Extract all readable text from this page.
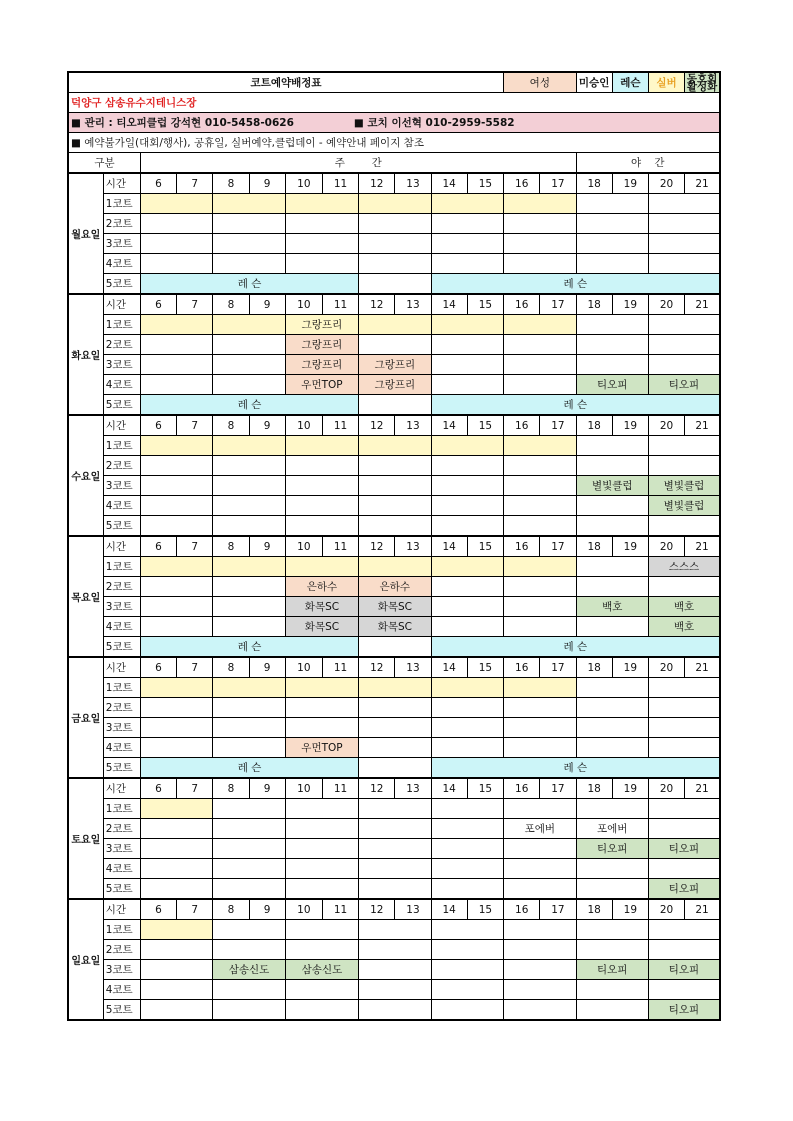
코트예약배정표												여성		미승인	레슨	실버	동호회활성화
덕양구 삼송유수지테니스장																	
■ 관리 : 티오피클럽 강석현 010-5458-0626 ■ 코치 이선혁 010-2959-5582																	
■ 예약불가일(대회/행사), 공휴일, 실버예약,클럽데이 - 예약안내 페이지 참조																	
구분		주        간												야    간			
월요일	시간	6	7	8	9	10	11	12	13	14	15	16	17	18	19	20	21
	1코트																
	2코트																
	3코트																
	4코트																
	5코트	레 슨								레 슨							
화요일	시간	6	7	8	9	10	11	12	13	14	15	16	17	18	19	20	21
	1코트					그랑프리											
	2코트					그랑프리											
	3코트					그랑프리		그랑프리									
	4코트					우먼TOP		그랑프리						티오피		티오피	
	5코트	레 슨								레 슨							
수요일	시간	6	7	8	9	10	11	12	13	14	15	16	17	18	19	20	21
	1코트																
	2코트																
	3코트													별빛클럽		별빛클럽	
	4코트															별빛클럽	
	5코트																
목요일	시간	6	7	8	9	10	11	12	13	14	15	16	17	18	19	20	21
	1코트															스스스	
	2코트					은하수		은하수									
	3코트					화목SC		화목SC						백호		백호	
	4코트					화목SC		화목SC								백호	
	5코트	레 슨								레 슨							
금요일	시간	6	7	8	9	10	11	12	13	14	15	16	17	18	19	20	21
	1코트																
	2코트																
	3코트																
	4코트					우먼TOP											
	5코트	레 슨								레 슨							
토요일	시간	6	7	8	9	10	11	12	13	14	15	16	17	18	19	20	21
	1코트																
	2코트											포에버		포에버			
	3코트													티오피		티오피	
	4코트																
	5코트															티오피	
일요일	시간	6	7	8	9	10	11	12	13	14	15	16	17	18	19	20	21
	1코트																
	2코트																
	3코트			삼송신도		삼송신도								티오피		티오피	
	4코트																
	5코트															티오피	
